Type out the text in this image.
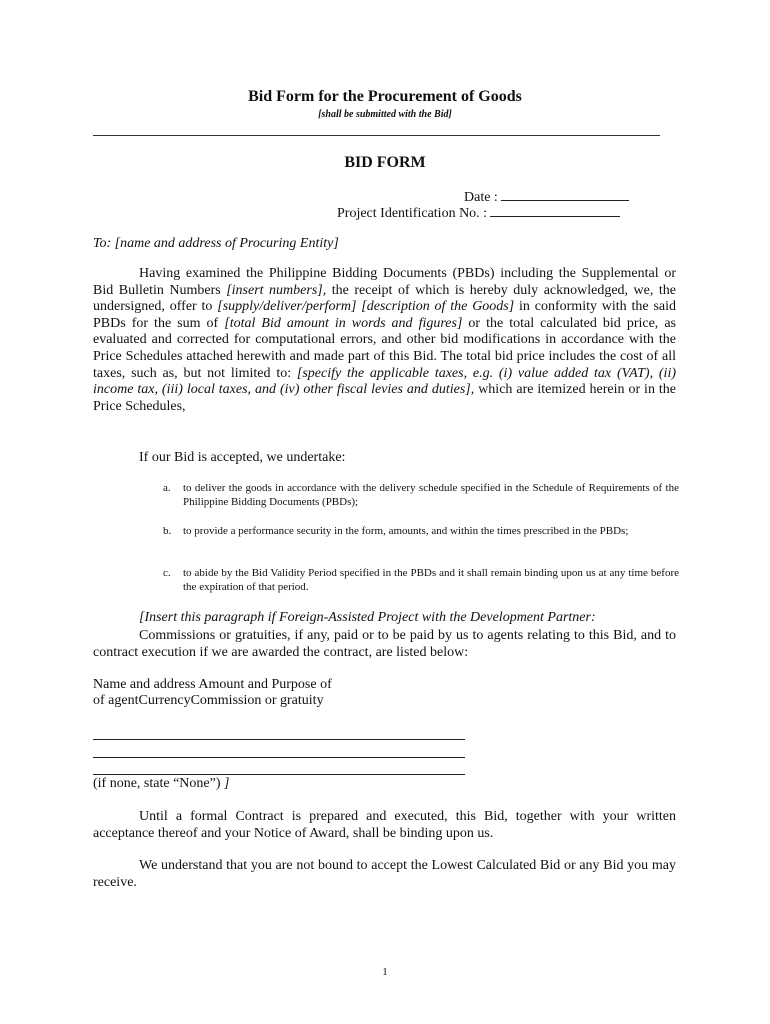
Bid Form for the Procurement of Goods
[shall be submitted with the Bid]
BID FORM
Date :
Project Identification No. :
To: [name and address of Procuring Entity]
Having examined the Philippine Bidding Documents (PBDs) including the Supplemental or Bid Bulletin Numbers [insert numbers], the receipt of which is hereby duly acknowledged, we, the undersigned, offer to [supply/deliver/perform] [description of the Goods] in conformity with the said PBDs for the sum of [total Bid amount in words and figures] or the total calculated bid price, as evaluated and corrected for computational errors, and other bid modifications in accordance with the Price Schedules attached herewith and made part of this Bid. The total bid price includes the cost of all taxes, such as, but not limited to: [specify the applicable taxes, e.g. (i) value added tax (VAT), (ii) income tax, (iii) local taxes, and (iv) other fiscal levies and duties], which are itemized herein or in the Price Schedules,
If our Bid is accepted, we undertake:
a. to deliver the goods in accordance with the delivery schedule specified in the Schedule of Requirements of the Philippine Bidding Documents (PBDs);
b. to provide a performance security in the form, amounts, and within the times prescribed in the PBDs;
c. to abide by the Bid Validity Period specified in the PBDs and it shall remain binding upon us at any time before the expiration of that period.
[Insert this paragraph if Foreign-Assisted Project with the Development Partner:
Commissions or gratuities, if any, paid or to be paid by us to agents relating to this Bid, and to contract execution if we are awarded the contract, are listed below:
Name and address Amount and Purpose of
of agentCurrencyCommission or gratuity
(if none, state “None”) ]
Until a formal Contract is prepared and executed, this Bid, together with your written acceptance thereof and your Notice of Award, shall be binding upon us.
We understand that you are not bound to accept the Lowest Calculated Bid or any Bid you may receive.
1
